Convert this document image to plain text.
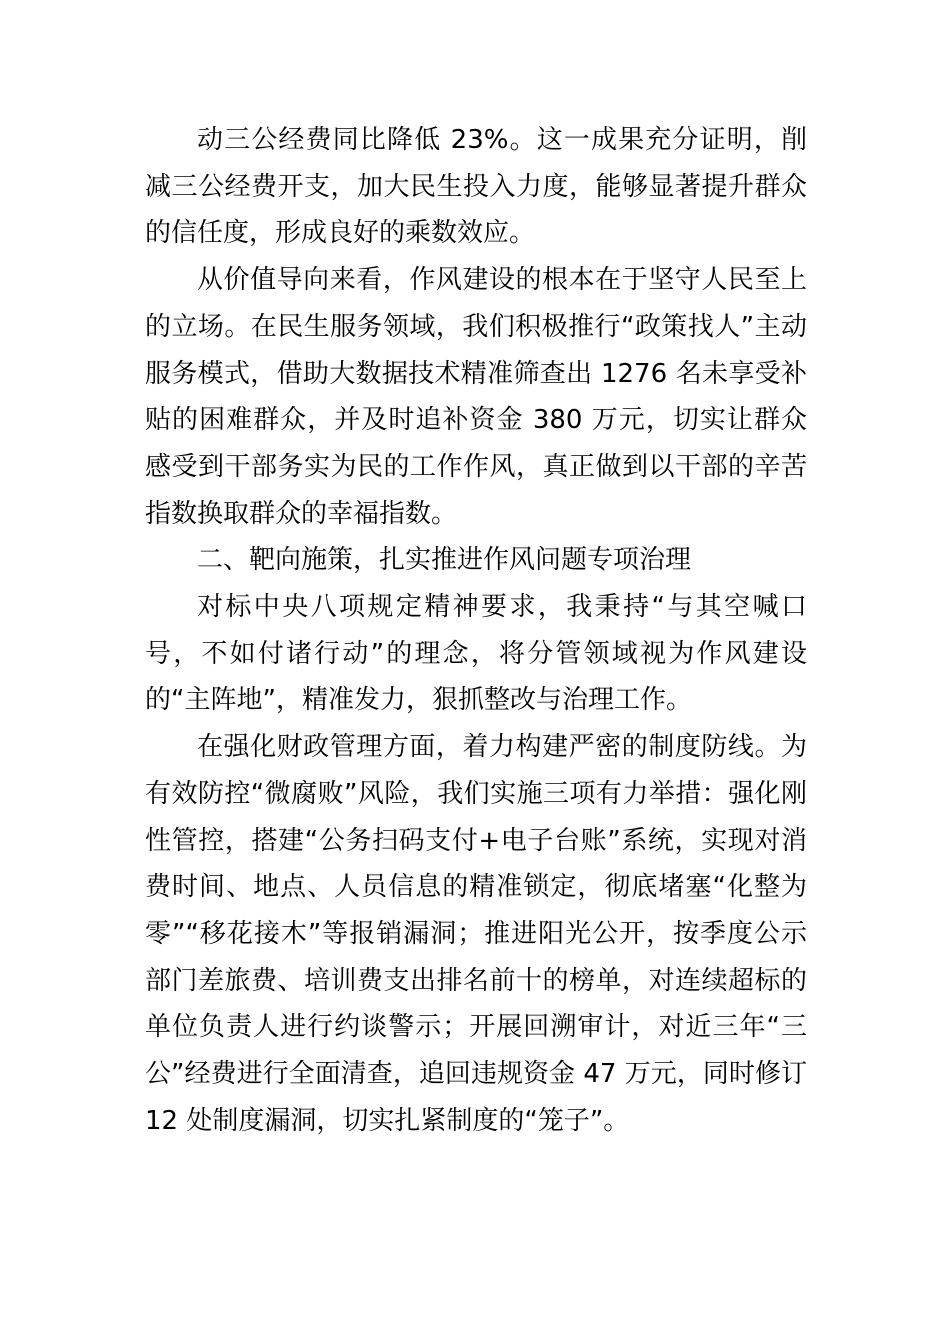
动三公经费同比降低 23%。这一成果充分证明，削减三公经费开支，加大民生投入力度，能够显著提升群众的信任度，形成良好的乘数效应。

从价值导向来看，作风建设的根本在于坚守人民至上的立场。在民生服务领域，我们积极推行“政策找人”主动服务模式，借助大数据技术精准筛查出 1276 名未享受补贴的困难群众，并及时追补资金 380 万元，切实让群众感受到干部务实为民的工作作风，真正做到以干部的辛苦指数换取群众的幸福指数。

二、靶向施策，扎实推进作风问题专项治理

对标中央八项规定精神要求，我秉持“与其空喊口号，不如付诸行动”的理念，将分管领域视为作风建设的“主阵地”，精准发力，狠抓整改与治理工作。

在强化财政管理方面，着力构建严密的制度防线。为有效防控“微腐败”风险，我们实施三项有力举措：强化刚性管控，搭建“公务扫码支付+电子台账”系统，实现对消费时间、地点、人员信息的精准锁定，彻底堵塞“化整为零”“移花接木”等报销漏洞；推进阳光公开，按季度公示部门差旅费、培训费支出排名前十的榜单，对连续超标的单位负责人进行约谈警示；开展回溯审计，对近三年“三公”经费进行全面清查，追回违规资金 47 万元，同时修订 12 处制度漏洞，切实扎紧制度的“笼子”。
